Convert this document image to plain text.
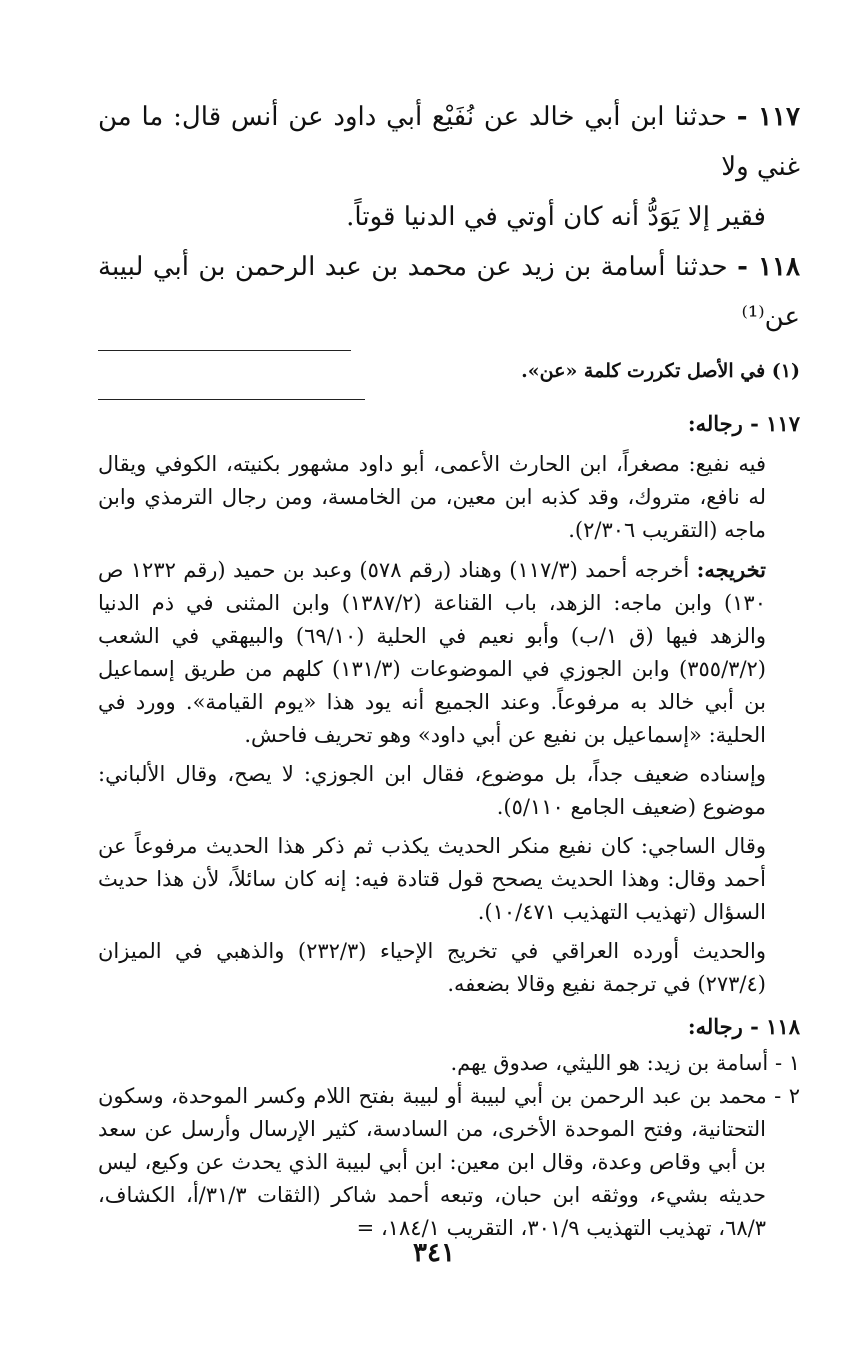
١١٧ - حدثنا ابن أبي خالد عن نُفَيْع أبي داود عن أنس قال: ما من غني ولا
فقير إلا يَوَدُّ أنه كان أوتي في الدنيا قوتاً.

١١٨ - حدثنا أسامة بن زيد عن محمد بن عبد الرحمن بن أبي لبيبة عن⁽¹⁾

(١) في الأصل تكررت كلمة «عن».

١١٧ - رجاله:

فيه نفيع: مصغراً، ابن الحارث الأعمى، أبو داود مشهور بكنيته، الكوفي ويقال له نافع، متروك، وقد كذبه ابن معين، من الخامسة، ومن رجال الترمذي وابن ماجه (التقريب ٢/٣٠٦).

تخريجه: أخرجه أحمد (١١٧/٣) وهناد (رقم ٥٧٨) وعبد بن حميد (رقم ١٢٣٢ ص ١٣٠) وابن ماجه: الزهد، باب القناعة (١٣٨٧/٢) وابن المثنى في ذم الدنيا والزهد فيها (ق ١/ب) وأبو نعيم في الحلية (٦٩/١٠) والبيهقي في الشعب (٣٥٥/٣/٢) وابن الجوزي في الموضوعات (١٣١/٣) كلهم من طريق إسماعيل بن أبي خالد به مرفوعاً. وعند الجميع أنه يود هذا «يوم القيامة». وورد في الحلية: «إسماعيل بن نفيع عن أبي داود» وهو تحريف فاحش.

وإسناده ضعيف جداً، بل موضوع، فقال ابن الجوزي: لا يصح، وقال الألباني: موضوع (ضعيف الجامع ٥/١١٠).

وقال الساجي: كان نفيع منكر الحديث يكذب ثم ذكر هذا الحديث مرفوعاً عن أحمد وقال: وهذا الحديث يصحح قول قتادة فيه: إنه كان سائلاً، لأن هذا حديث السؤال (تهذيب التهذيب ١٠/٤٧١).

والحديث أورده العراقي في تخريج الإحياء (٢٣٢/٣) والذهبي في الميزان (٢٧٣/٤) في ترجمة نفيع وقالا بضعفه.

١١٨ - رجاله:

١ - أسامة بن زيد: هو الليثي، صدوق يهم.

٢ - محمد بن عبد الرحمن بن أبي لبيبة أو لبيبة بفتح اللام وكسر الموحدة، وسكون التحتانية، وفتح الموحدة الأخرى، من السادسة، كثير الإرسال وأرسل عن سعد بن أبي وقاص وعدة، وقال ابن معين: ابن أبي لبيبة الذي يحدث عن وكيع، ليس حديثه بشيء، ووثقه ابن حبان، وتبعه أحمد شاكر (الثقات ٣١/٣/أ، الكشاف، ٦٨/٣، تهذيب التهذيب ٣٠١/٩، التقريب ١٨٤/١، =

٣٤١
